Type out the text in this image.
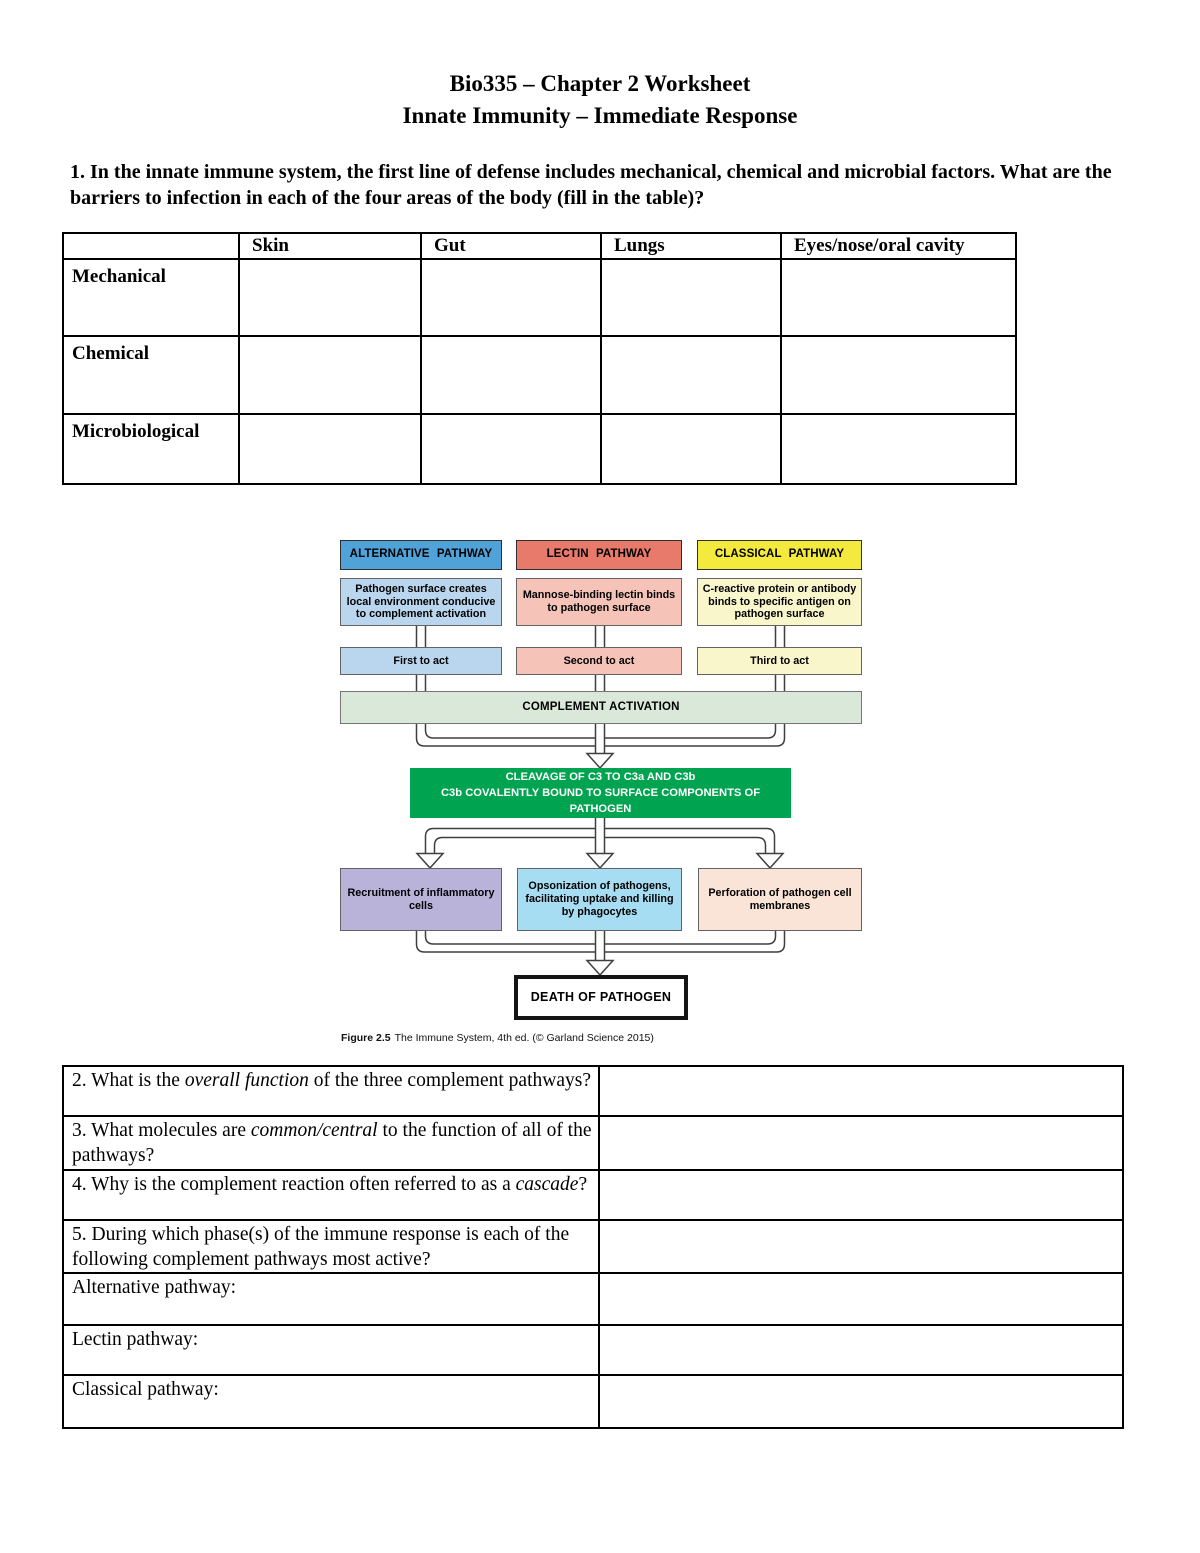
Bio335 – Chapter 2 Worksheet
Innate Immunity – Immediate Response
1. In the innate immune system, the first line of defense includes mechanical, chemical and microbial factors. What are the barriers to infection in each of the four areas of the body (fill in the table)?
	Skin	Gut	Lungs	Eyes/nose/oral cavity
Mechanical				
Chemical				
Microbiological				
ALTERNATIVE PATHWAY	LECTIN PATHWAY	CLASSICAL PATHWAY
Pathogen surface creates local environment conducive to complement activation
Mannose-binding lectin binds to pathogen surface
C-reactive protein or antibody binds to specific antigen on pathogen surface
First to act	Second to act	Third to act
COMPLEMENT ACTIVATION
CLEAVAGE OF C3 TO C3a AND C3b
C3b COVALENTLY BOUND TO SURFACE COMPONENTS OF PATHOGEN
Recruitment of inflammatory cells
Opsonization of pathogens, facilitating uptake and killing by phagocytes
Perforation of pathogen cell membranes
DEATH OF PATHOGEN
Figure 2.5 The Immune System, 4th ed. (© Garland Science 2015)
2. What is the overall function of the three complement pathways?	
3. What molecules are common/central to the function of all of the pathways?	
4. Why is the complement reaction often referred to as a cascade?	
5. During which phase(s) of the immune response is each of the following complement pathways most active?	
Alternative pathway:	
Lectin pathway:	
Classical pathway:	
